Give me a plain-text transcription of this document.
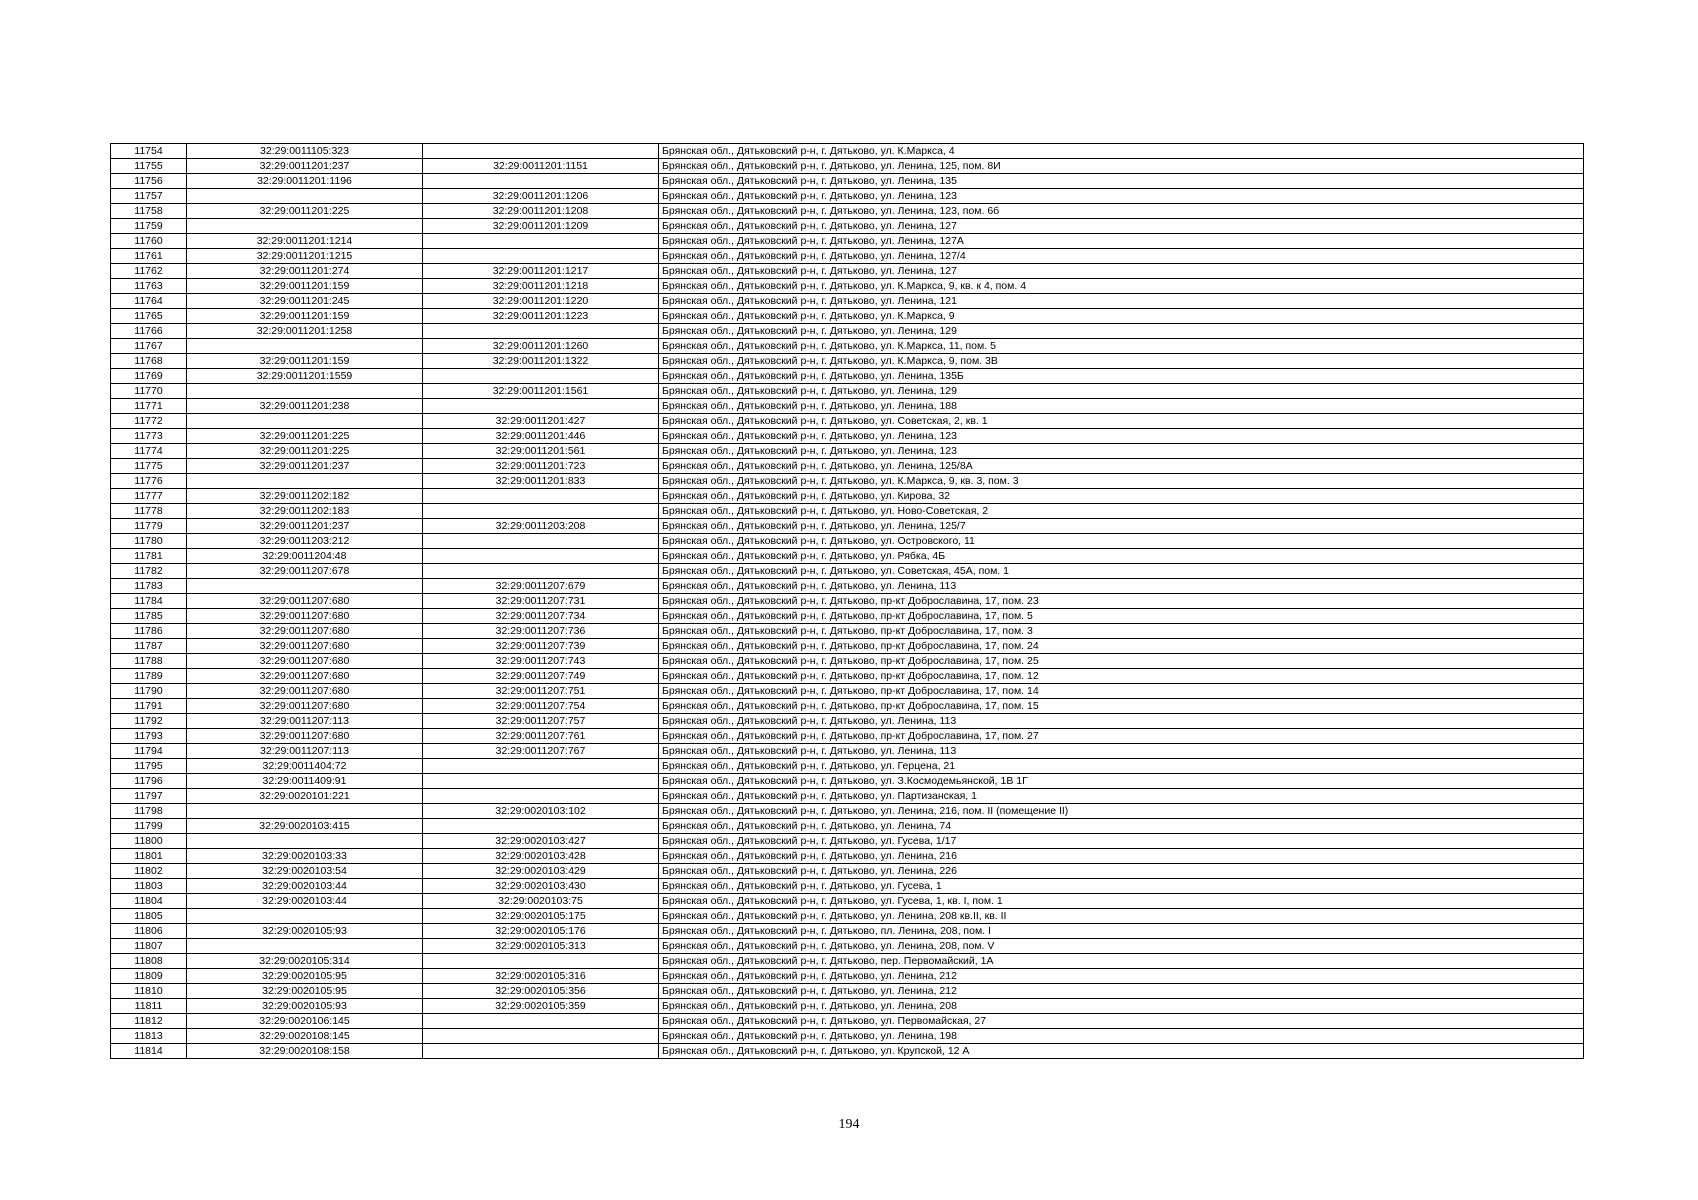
11754	32:29:0011105:323		Брянская обл., Дятьковский р-н, г. Дятьково, ул. К.Маркса, 4
11755	32:29:0011201:237	32:29:0011201:1151	Брянская обл., Дятьковский р-н, г. Дятьково, ул. Ленина, 125, пом. 8И
11756	32:29:0011201:1196		Брянская обл., Дятьковский р-н, г. Дятьково, ул. Ленина, 135
11757		32:29:0011201:1206	Брянская обл., Дятьковский р-н, г. Дятьково, ул. Ленина, 123
11758	32:29:0011201:225	32:29:0011201:1208	Брянская обл., Дятьковский р-н, г. Дятьково, ул. Ленина, 123, пом. 6б
11759		32:29:0011201:1209	Брянская обл., Дятьковский р-н, г. Дятьково, ул. Ленина, 127
11760	32:29:0011201:1214		Брянская обл., Дятьковский р-н, г. Дятьково, ул. Ленина, 127А
11761	32:29:0011201:1215		Брянская обл., Дятьковский р-н, г. Дятьково, ул. Ленина, 127/4
11762	32:29:0011201:274	32:29:0011201:1217	Брянская обл., Дятьковский р-н, г. Дятьково, ул. Ленина, 127
11763	32:29:0011201:159	32:29:0011201:1218	Брянская обл., Дятьковский р-н, г. Дятьково, ул. К.Маркса, 9, кв. к 4, пом. 4
11764	32:29:0011201:245	32:29:0011201:1220	Брянская обл., Дятьковский р-н, г. Дятьково, ул. Ленина, 121
11765	32:29:0011201:159	32:29:0011201:1223	Брянская обл., Дятьковский р-н, г. Дятьково, ул. К.Маркса, 9
11766	32:29:0011201:1258		Брянская обл., Дятьковский р-н, г. Дятьково, ул. Ленина, 129
11767		32:29:0011201:1260	Брянская обл., Дятьковский р-н, г. Дятьково, ул. К.Маркса, 11, пом. 5
11768	32:29:0011201:159	32:29:0011201:1322	Брянская обл., Дятьковский р-н, г. Дятьково, ул. К.Маркса, 9, пом. 3В
11769	32:29:0011201:1559		Брянская обл., Дятьковский р-н, г. Дятьково, ул. Ленина, 135Б
11770		32:29:0011201:1561	Брянская обл., Дятьковский р-н, г. Дятьково, ул. Ленина, 129
11771	32:29:0011201:238		Брянская обл., Дятьковский р-н, г. Дятьково, ул. Ленина, 188
11772		32:29:0011201:427	Брянская обл., Дятьковский р-н, г. Дятьково, ул. Советская, 2, кв. 1
11773	32:29:0011201:225	32:29:0011201:446	Брянская обл., Дятьковский р-н, г. Дятьково, ул. Ленина, 123
11774	32:29:0011201:225	32:29:0011201:561	Брянская обл., Дятьковский р-н, г. Дятьково, ул. Ленина, 123
11775	32:29:0011201:237	32:29:0011201:723	Брянская обл., Дятьковский р-н, г. Дятьково, ул. Ленина, 125/8А
11776		32:29:0011201:833	Брянская обл., Дятьковский р-н, г. Дятьково, ул. К.Маркса, 9, кв. 3, пом. 3
11777	32:29:0011202:182		Брянская обл., Дятьковский р-н, г. Дятьково, ул. Кирова, 32
11778	32:29:0011202:183		Брянская обл., Дятьковский р-н, г. Дятьково, ул. Ново-Советская, 2
11779	32:29:0011201:237	32:29:0011203:208	Брянская обл., Дятьковский р-н, г. Дятьково, ул. Ленина, 125/7
11780	32:29:0011203:212		Брянская обл., Дятьковский р-н, г. Дятьково, ул. Островского, 11
11781	32:29:0011204:48		Брянская обл., Дятьковский р-н, г. Дятьково, ул. Рябка, 4Б
11782	32:29:0011207:678		Брянская обл., Дятьковский р-н, г. Дятьково, ул. Советская, 45А, пом. 1
11783		32:29:0011207:679	Брянская обл., Дятьковский р-н, г. Дятьково, ул. Ленина, 113
11784	32:29:0011207:680	32:29:0011207:731	Брянская обл., Дятьковский р-н, г. Дятьково, пр-кт Доброславина, 17, пом. 23
11785	32:29:0011207:680	32:29:0011207:734	Брянская обл., Дятьковский р-н, г. Дятьково, пр-кт Доброславина, 17, пом. 5
11786	32:29:0011207:680	32:29:0011207:736	Брянская обл., Дятьковский р-н, г. Дятьково, пр-кт Доброславина, 17, пом. 3
11787	32:29:0011207:680	32:29:0011207:739	Брянская обл., Дятьковский р-н, г. Дятьково, пр-кт Доброславина, 17, пом. 24
11788	32:29:0011207:680	32:29:0011207:743	Брянская обл., Дятьковский р-н, г. Дятьково, пр-кт Доброславина, 17, пом. 25
11789	32:29:0011207:680	32:29:0011207:749	Брянская обл., Дятьковский р-н, г. Дятьково, пр-кт Доброславина, 17, пом. 12
11790	32:29:0011207:680	32:29:0011207:751	Брянская обл., Дятьковский р-н, г. Дятьково, пр-кт Доброславина, 17, пом. 14
11791	32:29:0011207:680	32:29:0011207:754	Брянская обл., Дятьковский р-н, г. Дятьково, пр-кт Доброславина, 17, пом. 15
11792	32:29:0011207:113	32:29:0011207:757	Брянская обл., Дятьковский р-н, г. Дятьково, ул. Ленина, 113
11793	32:29:0011207:680	32:29:0011207:761	Брянская обл., Дятьковский р-н, г. Дятьково, пр-кт Доброславина, 17, пом. 27
11794	32:29:0011207:113	32:29:0011207:767	Брянская обл., Дятьковский р-н, г. Дятьково, ул. Ленина, 113
11795	32:29:0011404:72		Брянская обл., Дятьковский р-н, г. Дятьково, ул. Герцена, 21
11796	32:29:0011409:91		Брянская обл., Дятьковский р-н, г. Дятьково, ул. З.Космодемьянской, 1В 1Г
11797	32:29:0020101:221		Брянская обл., Дятьковский р-н, г. Дятьково, ул. Партизанская, 1
11798		32:29:0020103:102	Брянская обл., Дятьковский р-н, г. Дятьково, ул. Ленина, 216, пом. II (помещение II)
11799	32:29:0020103:415		Брянская обл., Дятьковский р-н, г. Дятьково, ул. Ленина, 74
11800		32:29:0020103:427	Брянская обл., Дятьковский р-н, г. Дятьково, ул. Гусева, 1/17
11801	32:29:0020103:33	32:29:0020103:428	Брянская обл., Дятьковский р-н, г. Дятьково, ул. Ленина, 216
11802	32:29:0020103:54	32:29:0020103:429	Брянская обл., Дятьковский р-н, г. Дятьково, ул. Ленина, 226
11803	32:29:0020103:44	32:29:0020103:430	Брянская обл., Дятьковский р-н, г. Дятьково, ул. Гусева, 1
11804	32:29:0020103:44	32:29:0020103:75	Брянская обл., Дятьковский р-н, г. Дятьково, ул. Гусева, 1, кв. I, пом. 1
11805		32:29:0020105:175	Брянская обл., Дятьковский р-н, г. Дятьково, ул. Ленина, 208 кв.II, кв. II
11806	32:29:0020105:93	32:29:0020105:176	Брянская обл., Дятьковский р-н, г. Дятьково, пл. Ленина, 208, пом. I
11807		32:29:0020105:313	Брянская обл., Дятьковский р-н, г. Дятьково, ул. Ленина, 208, пом. V
11808	32:29:0020105:314		Брянская обл., Дятьковский р-н, г. Дятьково, пер. Первомайский, 1А
11809	32:29:0020105:95	32:29:0020105:316	Брянская обл., Дятьковский р-н, г. Дятьково, ул. Ленина, 212
11810	32:29:0020105:95	32:29:0020105:356	Брянская обл., Дятьковский р-н, г. Дятьково, ул. Ленина, 212
11811	32:29:0020105:93	32:29:0020105:359	Брянская обл., Дятьковский р-н, г. Дятьково, ул. Ленина, 208
11812	32:29:0020106:145		Брянская обл., Дятьковский р-н, г. Дятьково, ул. Первомайская, 27
11813	32:29:0020108:145		Брянская обл., Дятьковский р-н, г. Дятьково, ул. Ленина, 198
11814	32:29:0020108:158		Брянская обл., Дятьковский р-н, г. Дятьково, ул. Крупской, 12 А
194
